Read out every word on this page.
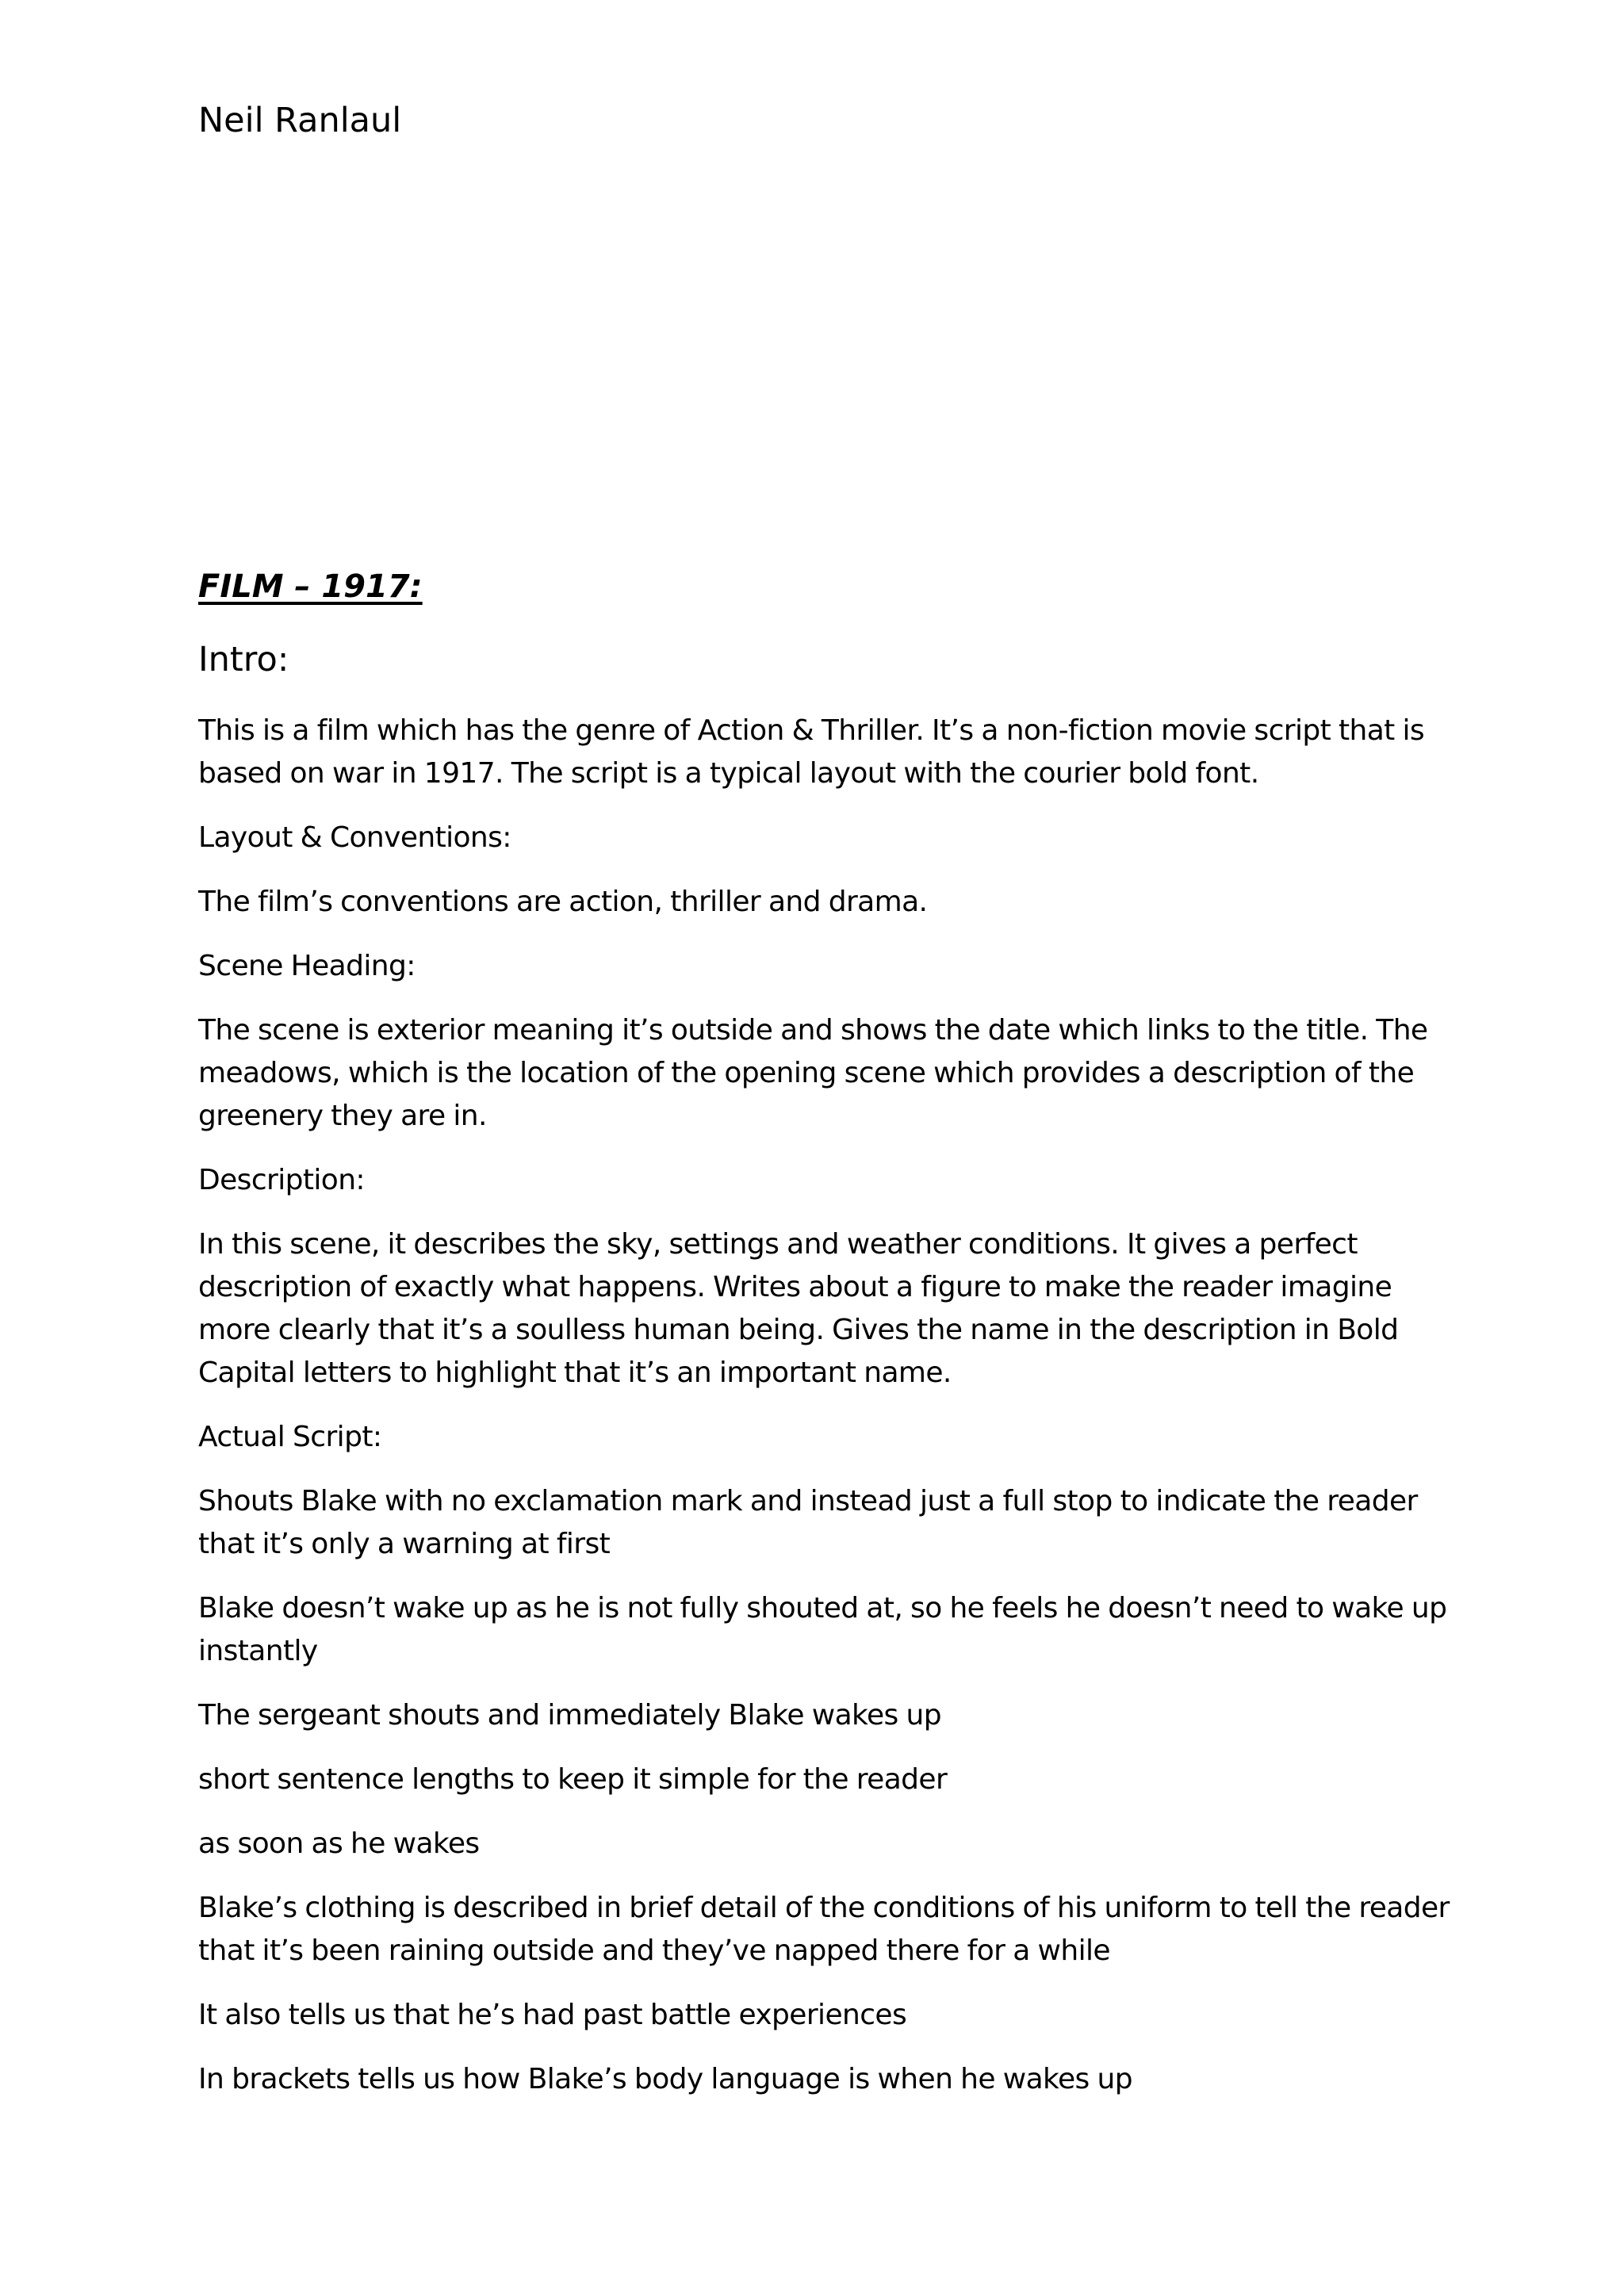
Neil Ranlaul

FILM – 1917:

Intro:

This is a film which has the genre of Action & Thriller. It’s a non-fiction movie script that is based on war in 1917. The script is a typical layout with the courier bold font.

Layout & Conventions:

The film’s conventions are action, thriller and drama.

Scene Heading:

The scene is exterior meaning it’s outside and shows the date which links to the title. The meadows, which is the location of the opening scene which provides a description of the greenery they are in.

Description:

In this scene, it describes the sky, settings and weather conditions. It gives a perfect description of exactly what happens. Writes about a figure to make the reader imagine more clearly that it’s a soulless human being. Gives the name in the description in Bold Capital letters to highlight that it’s an important name.

Actual Script:

Shouts Blake with no exclamation mark and instead just a full stop to indicate the reader that it’s only a warning at first

Blake doesn’t wake up as he is not fully shouted at, so he feels he doesn’t need to wake up instantly

The sergeant shouts and immediately Blake wakes up

short sentence lengths to keep it simple for the reader

as soon as he wakes

Blake’s clothing is described in brief detail of the conditions of his uniform to tell the reader that it’s been raining outside and they’ve napped there for a while

It also tells us that he’s had past battle experiences

In brackets tells us how Blake’s body language is when he wakes up
